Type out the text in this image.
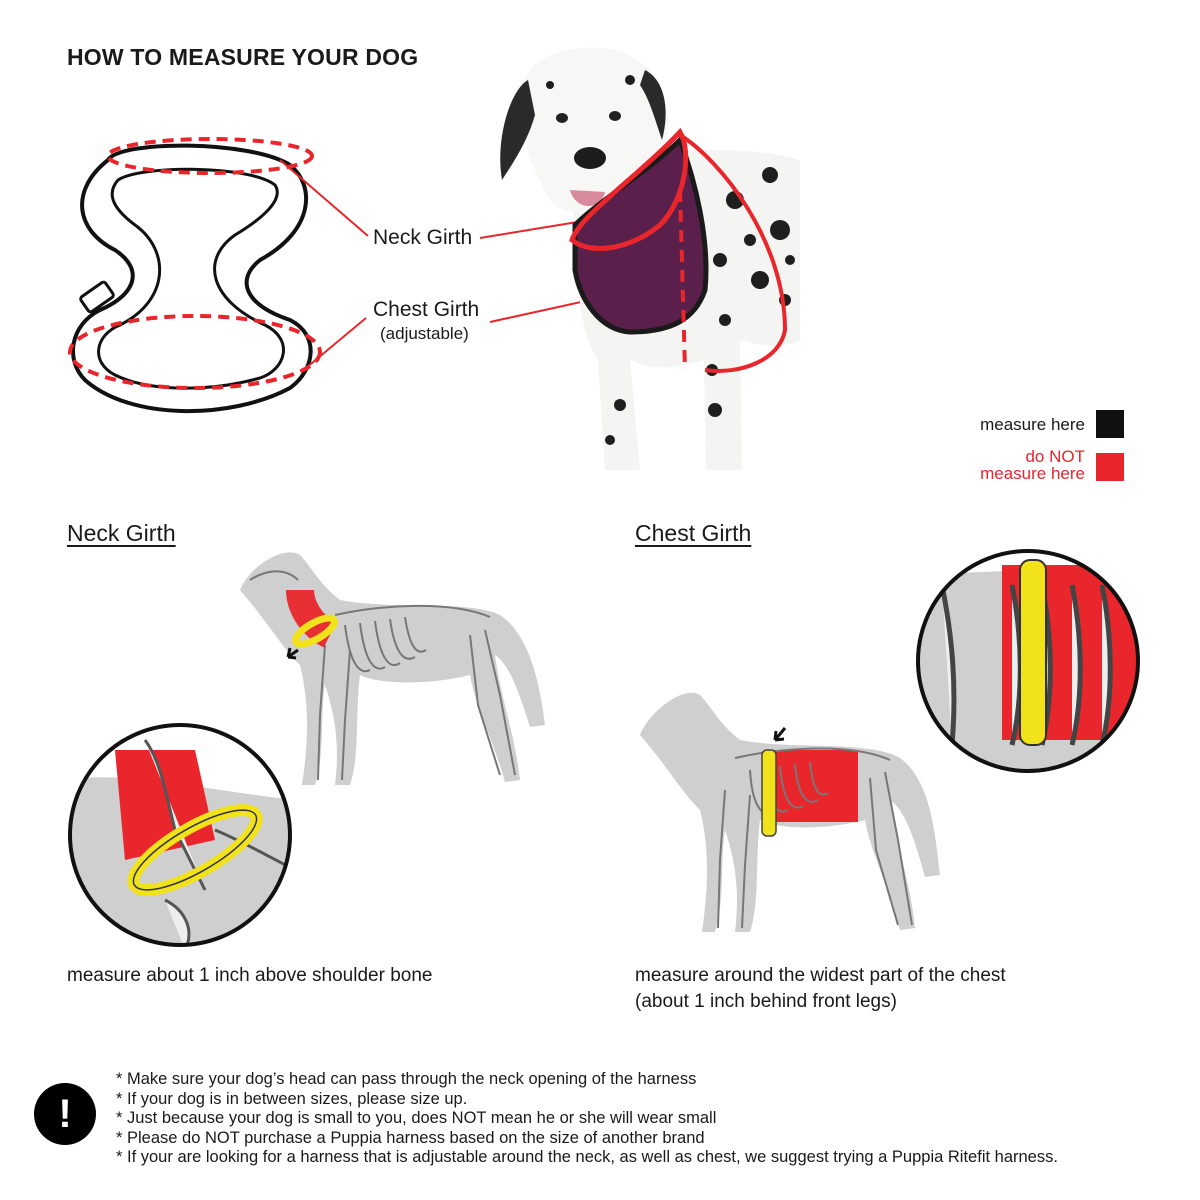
HOW TO MEASURE YOUR DOG
Neck Girth
Chest Girth
(adjustable)
measure here
do NOT
measure here
Neck Girth	Chest Girth
measure about 1 inch above shoulder bone	measure around the widest part of the chest
(about 1 inch behind front legs)
!
* Make sure your dog’s head can pass through the neck opening of the harness
* If your dog is in between sizes, please size up.
* Just because your dog is small to you, does NOT mean he or she will wear small
* Please do NOT purchase a Puppia harness based on the size of another brand
* If your are looking for a harness that is adjustable around the neck, as well as chest, we suggest trying a Puppia Ritefit harness.
